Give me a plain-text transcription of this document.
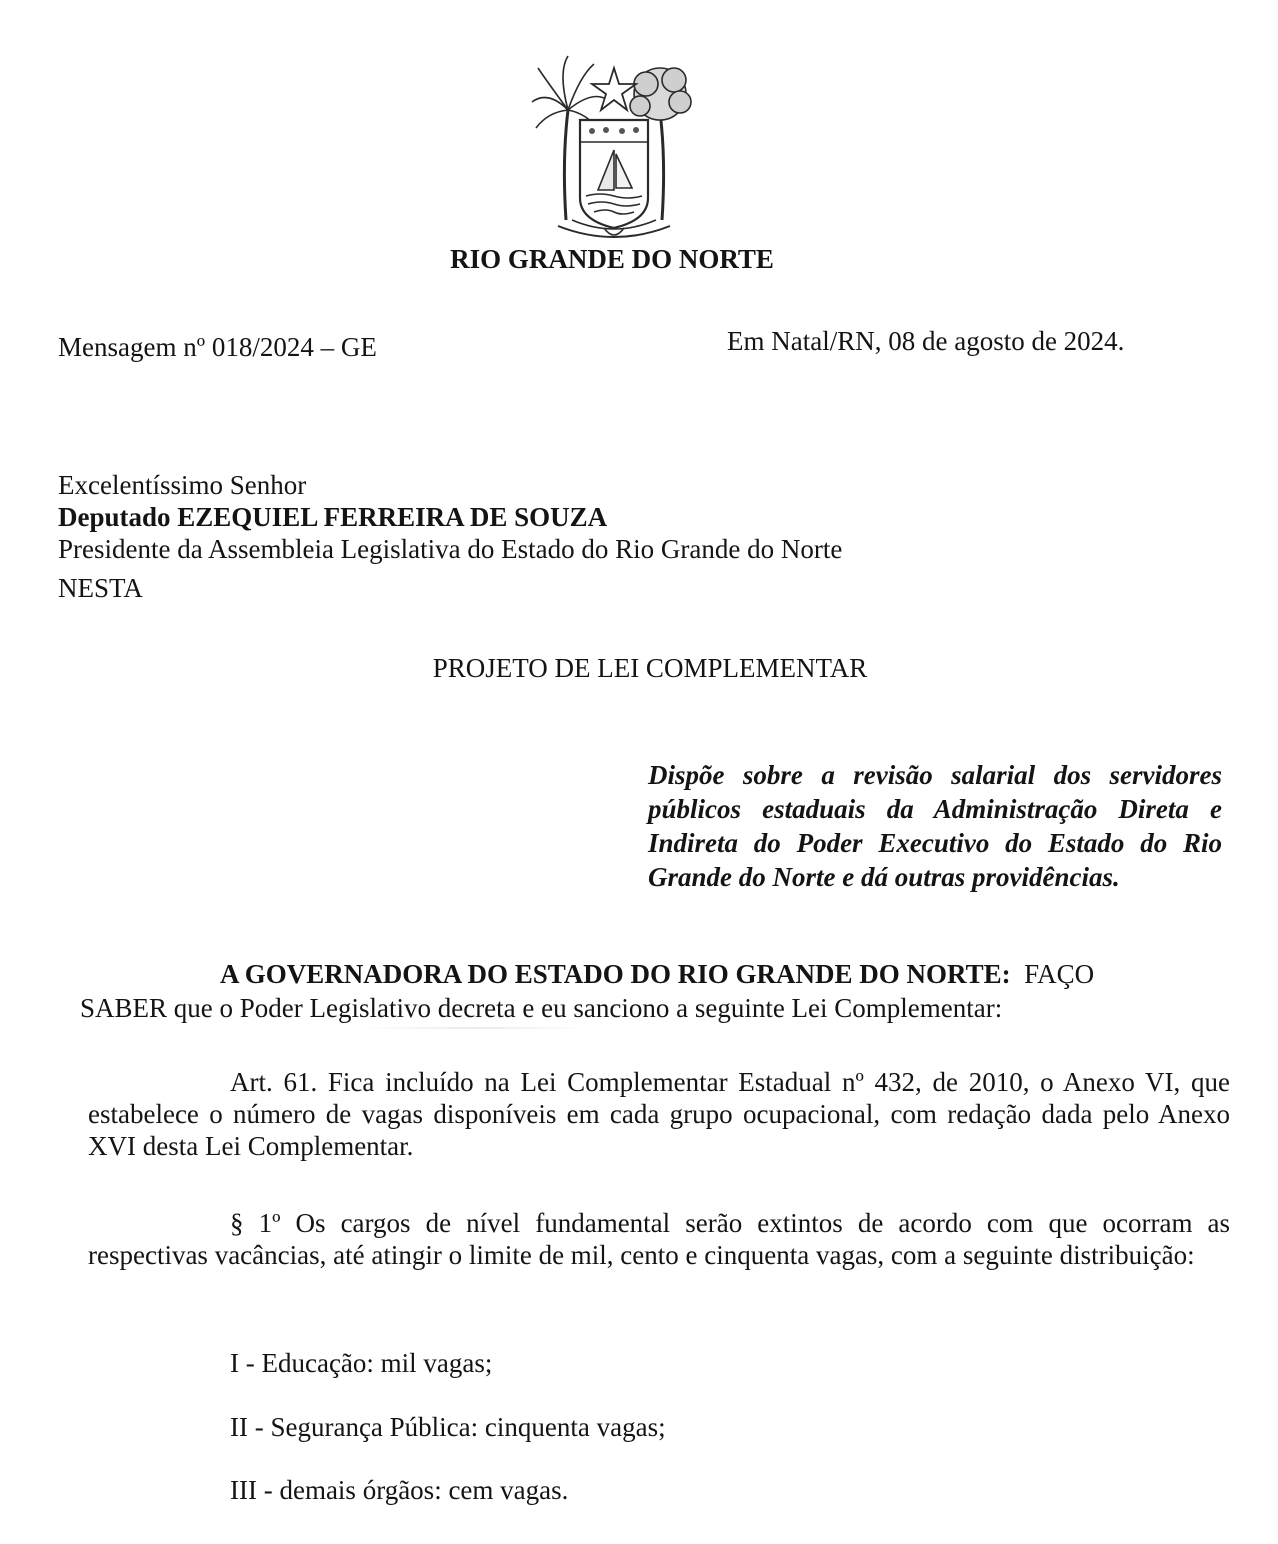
RIO GRANDE DO NORTE
Mensagem nº 018/2024 – GE	Em Natal/RN, 08 de agosto de 2024.
Excelentíssimo Senhor
Deputado EZEQUIEL FERREIRA DE SOUZA
Presidente da Assembleia Legislativa do Estado do Rio Grande do Norte
NESTA
PROJETO DE LEI COMPLEMENTAR
Dispõe sobre a revisão salarial dos servidores públicos estaduais da Administração Direta e Indireta do Poder Executivo do Estado do Rio Grande do Norte e dá outras providências.
A GOVERNADORA DO ESTADO DO RIO GRANDE DO NORTE: FAÇO
SABER que o Poder Legislativo decreta e eu sanciono a seguinte Lei Complementar:
Art. 61. Fica incluído na Lei Complementar Estadual nº 432, de 2010, o Anexo VI, que estabelece o número de vagas disponíveis em cada grupo ocupacional, com redação dada pelo Anexo XVI desta Lei Complementar.
§ 1º Os cargos de nível fundamental serão extintos de acordo com que ocorram as respectivas vacâncias, até atingir o limite de mil, cento e cinquenta vagas, com a seguinte distribuição:
I - Educação: mil vagas;
II - Segurança Pública: cinquenta vagas;
III - demais órgãos: cem vagas.
